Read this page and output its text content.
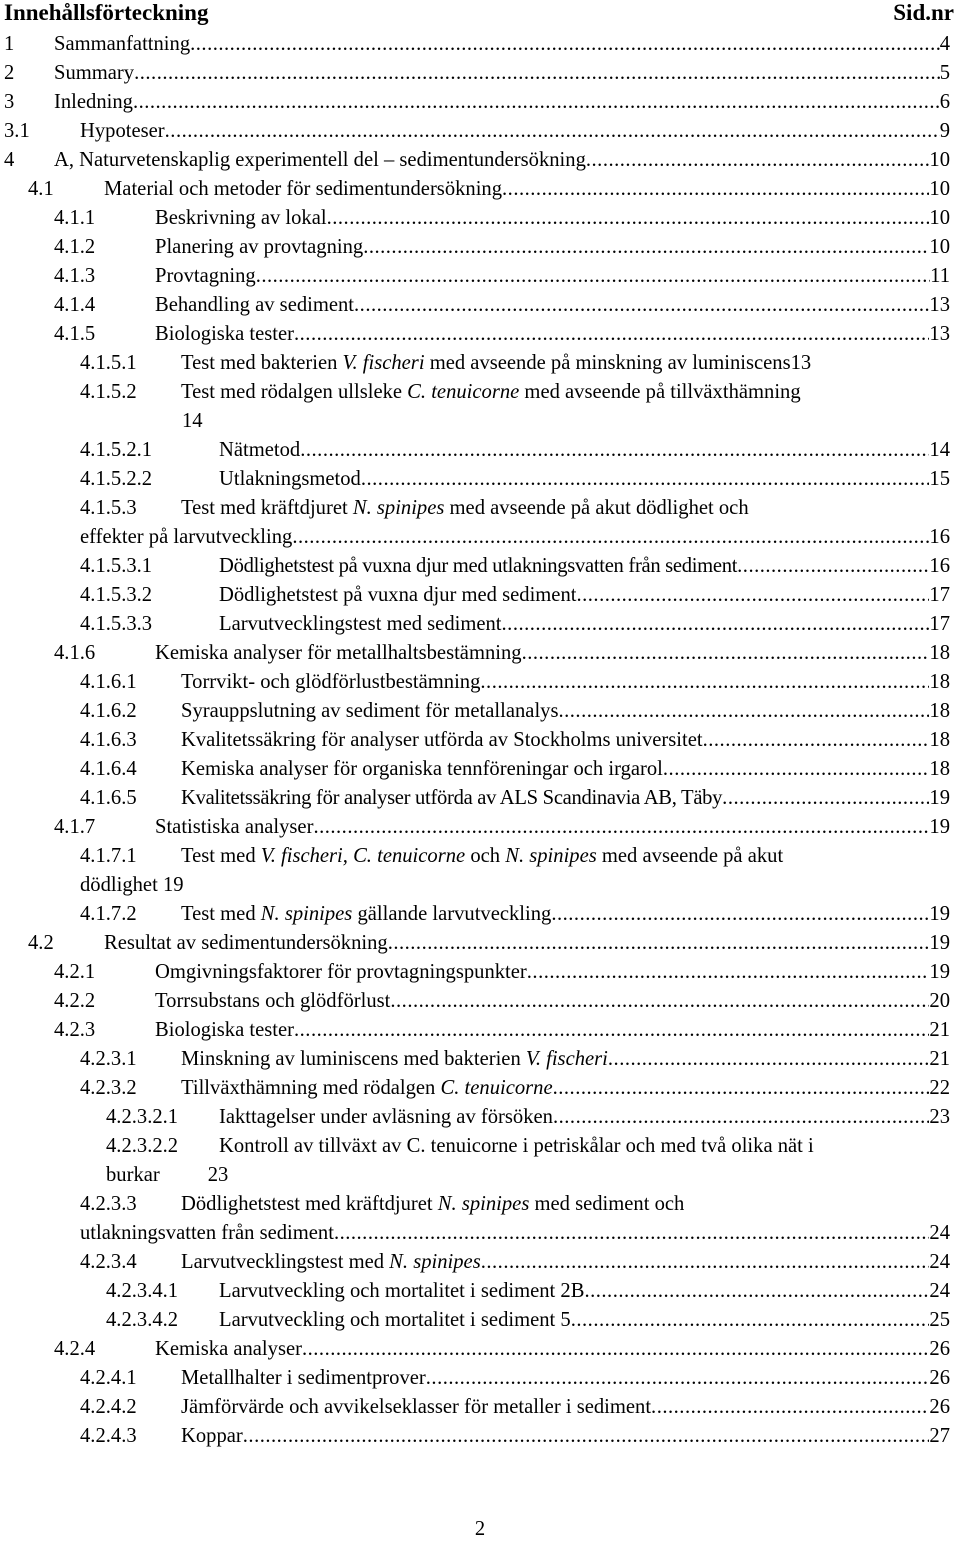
Innehållsförteckning	Sid.nr
1	Sammanfattning .....	4
2	Summary .....	5
3	Inledning .....	6
3.1	Hypoteser .....	9
4	A, Naturvetenskaplig experimentell del – sedimentundersökning .....	10
4.1	Material och metoder för sedimentundersökning .....	10
4.1.1	Beskrivning av lokal .....	10
4.1.2	Planering av provtagning .....	10
4.1.3	Provtagning .....	11
4.1.4	Behandling av sediment .....	13
4.1.5	Biologiska tester .....	13
4.1.5.1	Test med bakterien V. fischeri med avseende på minskning av luminiscens 13
4.1.5.2	Test med rödalgen ullsleke C. tenuicorne med avseende på tillväxthämning
14
4.1.5.2.1	Nätmetod .....	14
4.1.5.2.2	Utlakningsmetod .....	15
4.1.5.3	Test med kräftdjuret N. spinipes med avseende på akut dödlighet och
effekter på larvutveckling .....	16
4.1.5.3.1	Dödlighetstest på vuxna djur med utlakningsvatten från sediment .....	16
4.1.5.3.2	Dödlighetstest på vuxna djur med sediment .....	17
4.1.5.3.3	Larvutvecklingstest med sediment .....	17
4.1.6	Kemiska analyser för metallhaltsbestämning .....	18
4.1.6.1	Torrvikt- och glödförlustbestämning .....	18
4.1.6.2	Syrauppslutning av sediment för metallanalys .....	18
4.1.6.3	Kvalitetssäkring för analyser utförda av Stockholms universitet .....	18
4.1.6.4	Kemiska analyser för organiska tennföreningar och irgarol .....	18
4.1.6.5	Kvalitetssäkring för analyser utförda av ALS Scandinavia AB, Täby .....	19
4.1.7	Statistiska analyser .....	19
4.1.7.1	Test med V. fischeri, C. tenuicorne och N. spinipes med avseende på akut
dödlighet 19
4.1.7.2	Test med N. spinipes gällande larvutveckling .....	19
4.2	Resultat av sedimentundersökning .....	19
4.2.1	Omgivningsfaktorer för provtagningspunkter .....	19
4.2.2	Torrsubstans och glödförlust .....	20
4.2.3	Biologiska tester .....	21
4.2.3.1	Minskning av luminiscens med bakterien V. fischeri .....	21
4.2.3.2	Tillväxthämning med rödalgen C. tenuicorne .....	22
4.2.3.2.1	Iakttagelser under avläsning av försöken .....	23
4.2.3.2.2	Kontroll av tillväxt av C. tenuicorne i petriskålar och med två olika nät i
burkar 23
4.2.3.3	Dödlighetstest med kräftdjuret N. spinipes med sediment och
utlakningsvatten från sediment .....	24
4.2.3.4	Larvutvecklingstest med N. spinipes .....	24
4.2.3.4.1	Larvutveckling och mortalitet i sediment 2B .....	24
4.2.3.4.2	Larvutveckling och mortalitet i sediment 5 .....	25
4.2.4	Kemiska analyser .....	26
4.2.4.1	Metallhalter i sedimentprover .....	26
4.2.4.2	Jämförvärde och avvikelseklasser för metaller i sediment .....	26
4.2.4.3	Koppar .....	27
2
